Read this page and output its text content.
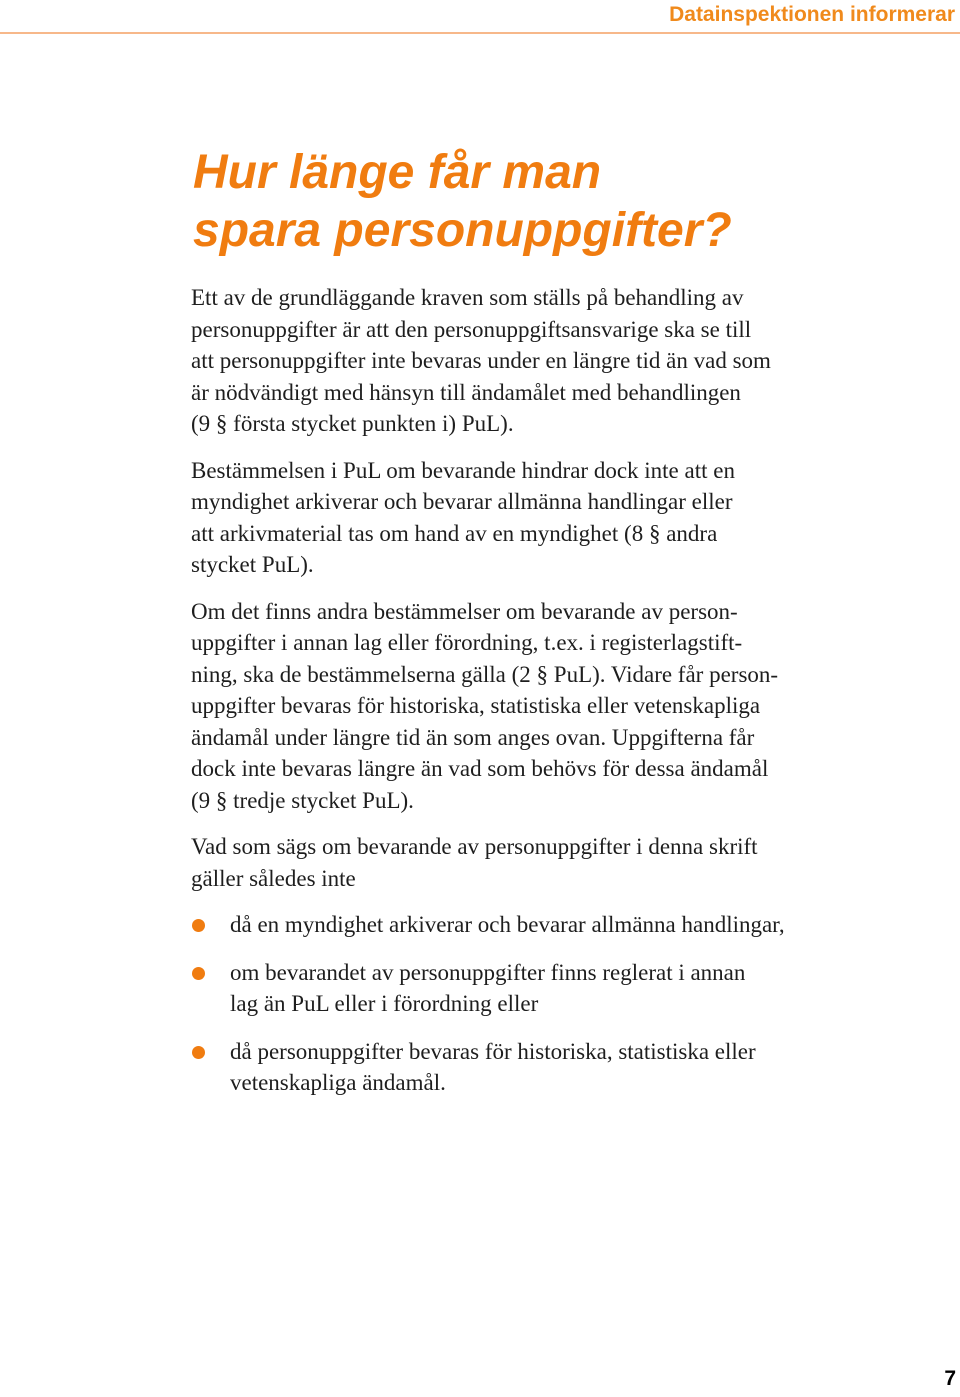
Datainspektionen informerar
Hur länge får man
spara personuppgifter?

Ett av de grundläggande kraven som ställs på behandling av
personuppgifter är att den personuppgiftsansvarige ska se till
att personuppgifter inte bevaras under en längre tid än vad som
är nödvändigt med hänsyn till ändamålet med behandlingen
(9 § första stycket punkten i) PuL).

Bestämmelsen i PuL om bevarande hindrar dock inte att en
myndighet arkiverar och bevarar allmänna handlingar eller
att arkivmaterial tas om hand av en myndighet (8 § andra
stycket PuL).

Om det finns andra bestämmelser om bevarande av person-
uppgifter i annan lag eller förordning, t.ex. i registerlagstift-
ning, ska de bestämmelserna gälla (2 § PuL). Vidare får person-
uppgifter bevaras för historiska, statistiska eller vetenskapliga
ändamål under längre tid än som anges ovan. Uppgifterna får
dock inte bevaras längre än vad som behövs för dessa ändamål
(9 § tredje stycket PuL).

Vad som sägs om bevarande av personuppgifter i denna skrift
gäller således inte

då en myndighet arkiverar och bevarar allmänna handlingar,
om bevarandet av personuppgifter finns reglerat i annan
lag än PuL eller i förordning eller
då personuppgifter bevaras för historiska, statistiska eller
vetenskapliga ändamål.
7
